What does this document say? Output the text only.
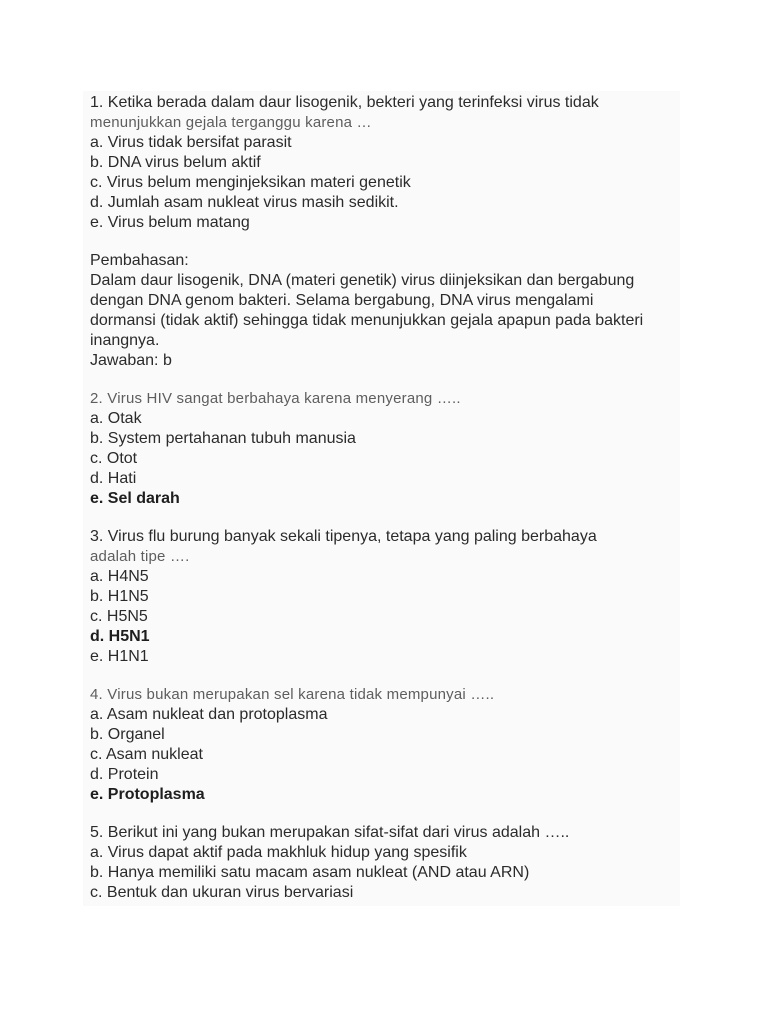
1. Ketika berada dalam daur lisogenik, bekteri yang terinfeksi virus tidak
menunjukkan gejala terganggu karena …
a. Virus tidak bersifat parasit
b. DNA virus belum aktif
c. Virus belum menginjeksikan materi genetik
d. Jumlah asam nukleat virus masih sedikit.
e. Virus belum matang
Pembahasan:
Dalam daur lisogenik, DNA (materi genetik) virus diinjeksikan dan bergabung
dengan DNA genom bakteri. Selama bergabung, DNA virus mengalami
dormansi (tidak aktif) sehingga tidak menunjukkan gejala apapun pada bakteri
inangnya.
Jawaban: b
2. Virus HIV sangat berbahaya karena menyerang …..
a. Otak
b. System pertahanan tubuh manusia
c. Otot
d. Hati
e. Sel darah
3. Virus flu burung banyak sekali tipenya, tetapa yang paling berbahaya
adalah tipe ….
a. H4N5
b. H1N5
c. H5N5
d. H5N1
e. H1N1
4. Virus bukan merupakan sel karena tidak mempunyai …..
a. Asam nukleat dan protoplasma
b. Organel
c. Asam nukleat
d. Protein
e. Protoplasma
5. Berikut ini yang bukan merupakan sifat-sifat dari virus adalah …..
a. Virus dapat aktif pada makhluk hidup yang spesifik
b. Hanya memiliki satu macam asam nukleat (AND atau ARN)
c. Bentuk dan ukuran virus bervariasi
